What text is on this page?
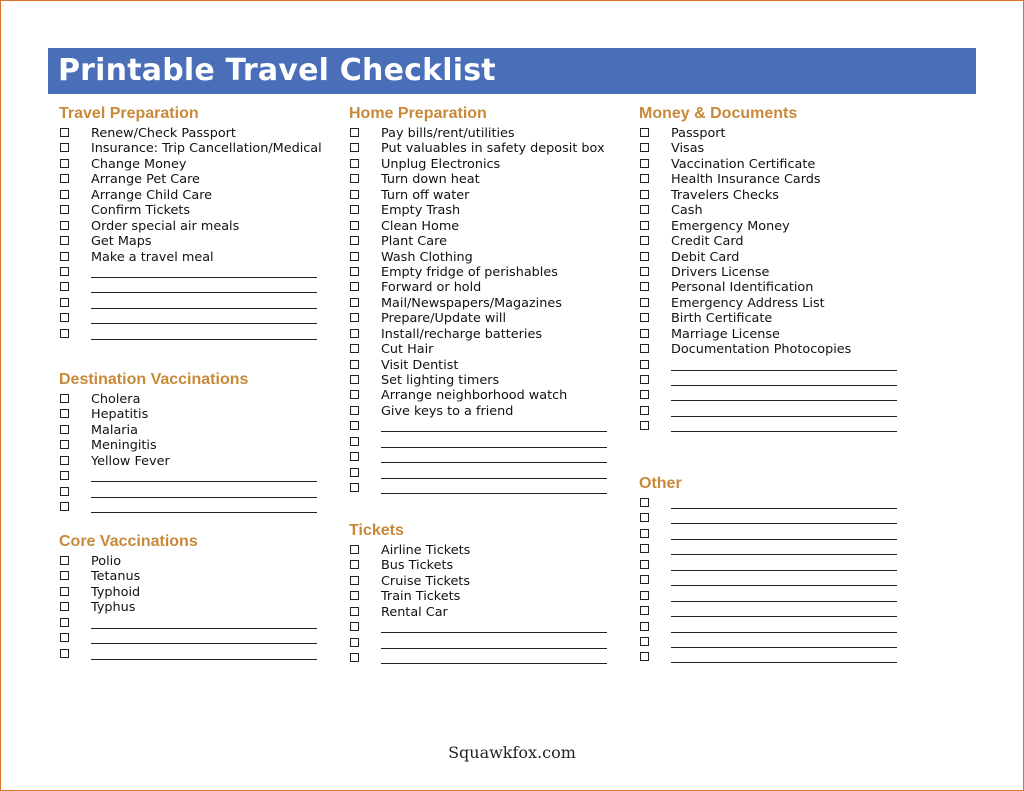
Printable Travel Checklist
Travel Preparation
Renew/Check Passport
Insurance: Trip Cancellation/Medical
Change Money
Arrange Pet Care
Arrange Child Care
Confirm Tickets
Order special air meals
Get Maps
Make a travel meal
Destination Vaccinations
Cholera
Hepatitis
Malaria
Meningitis
Yellow Fever
Core Vaccinations
Polio
Tetanus
Typhoid
Typhus
Home Preparation
Pay bills/rent/utilities
Put valuables in safety deposit box
Unplug Electronics
Turn down heat
Turn off water
Empty Trash
Clean Home
Plant Care
Wash Clothing
Empty fridge of perishables
Forward or hold
Mail/Newspapers/Magazines
Prepare/Update will
Install/recharge batteries
Cut Hair
Visit Dentist
Set lighting timers
Arrange neighborhood watch
Give keys to a friend
Tickets
Airline Tickets
Bus Tickets
Cruise Tickets
Train Tickets
Rental Car
Money & Documents
Passport
Visas
Vaccination Certificate
Health Insurance Cards
Travelers Checks
Cash
Emergency Money
Credit Card
Debit Card
Drivers License
Personal Identification
Emergency Address List
Birth Certificate
Marriage License
Documentation Photocopies
Other
Squawkfox.com
